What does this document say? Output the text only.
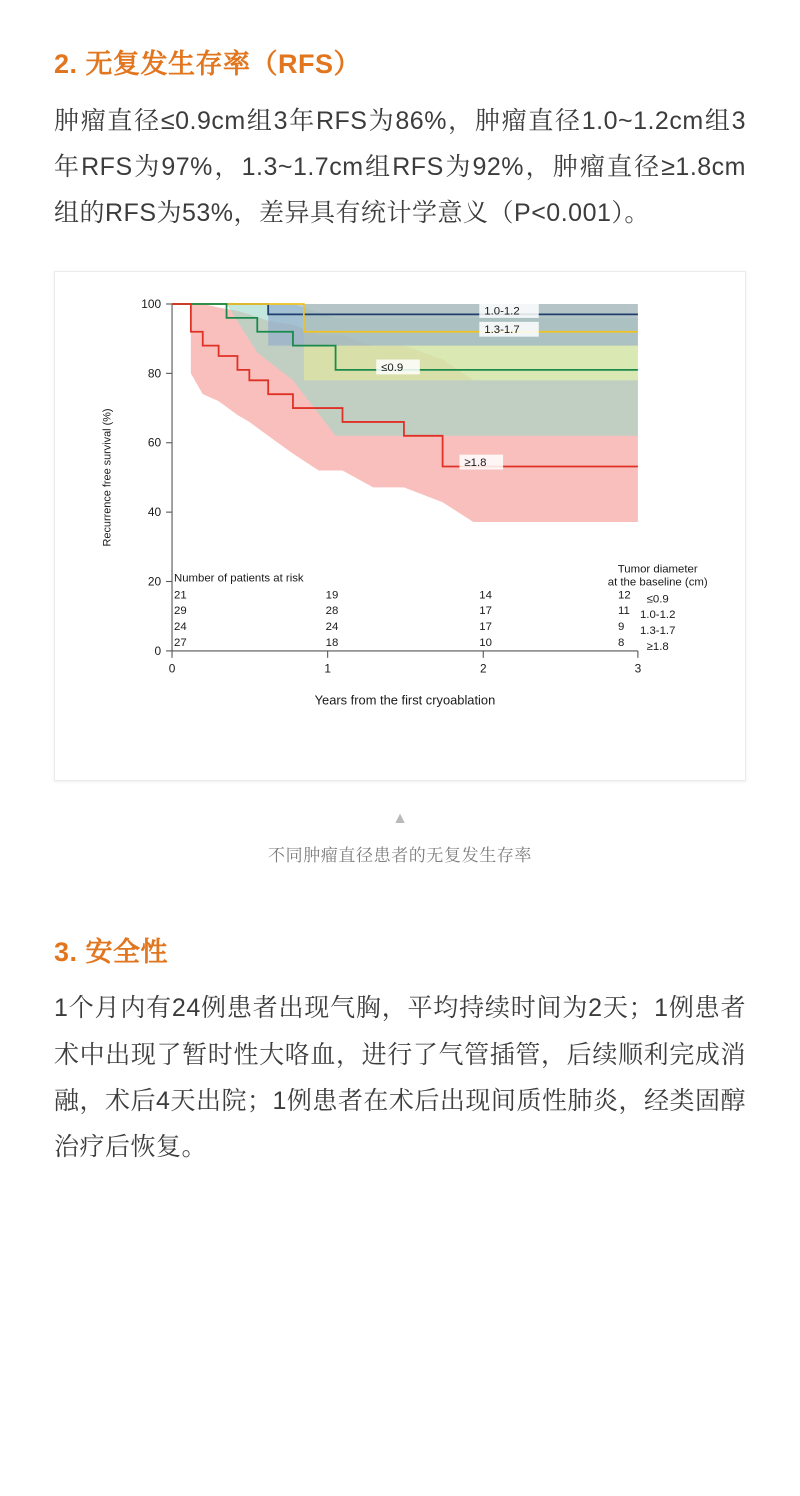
2. 无复发生存率（RFS）

肿瘤直径≤0.9cm组3年RFS为86%，肿瘤直径1.0~1.2cm组3年RFS为97%，1.3~1.7cm组RFS为92%，肿瘤直径≥1.8cm组的RFS为53%，差异具有统计学意义（P<0.001）。

0
20
40
60
80
100
0	1	2	3
Recurrence free survival (%)
Years from the first cryoablation
1.0-1.2
1.3-1.7
≤0.9
≥1.8
Number of patients at risk
21	19	14	12
29	28	17	11
24	24	17	9
27	18	10	8
Tumor diameter
at the baseline (cm)
≤0.9
1.0-1.2
1.3-1.7
≥1.8
▲
不同肿瘤直径患者的无复发生存率
3. 安全性

1个月内有24例患者出现气胸，平均持续时间为2天；1例患者术中出现了暂时性大咯血，进行了气管插管，后续顺利完成消融，术后4天出院；1例患者在术后出现间质性肺炎，经类固醇治疗后恢复。
